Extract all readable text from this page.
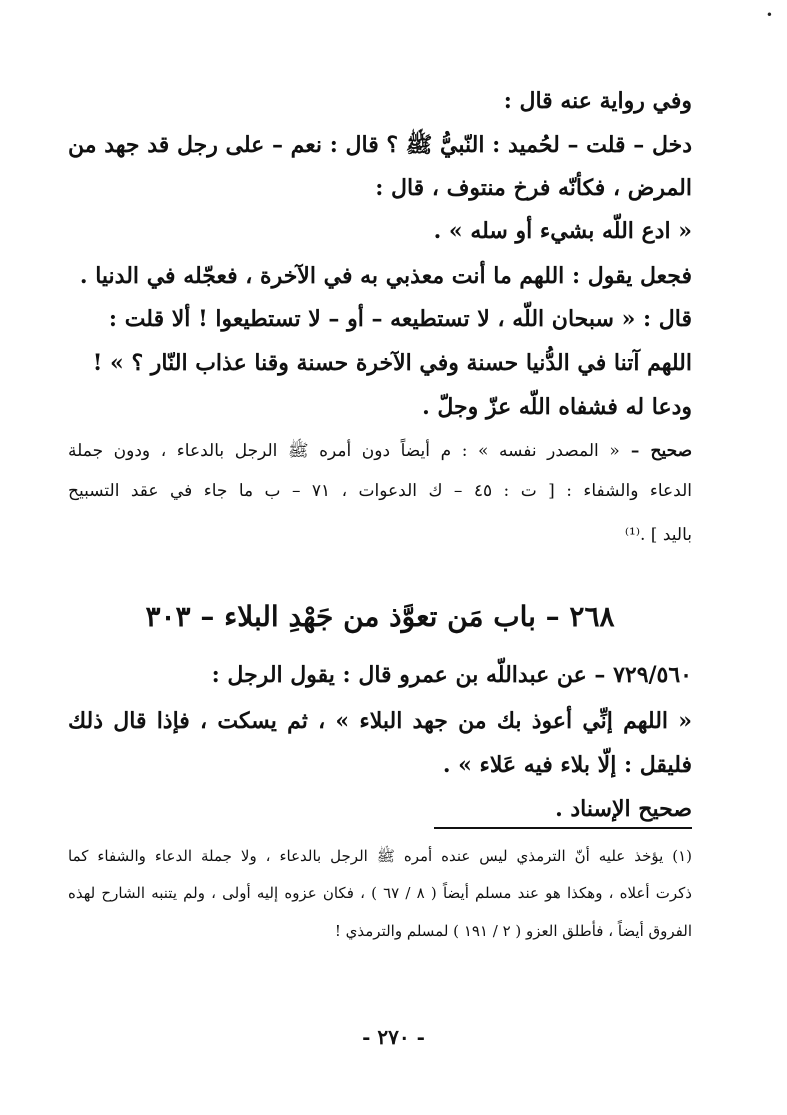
•
وفي رواية عنه قال :
دخل – قلت – لحُميد : النّبيُّ ﷺ ؟ قال : نعم – على رجل قد جهد من
المرض ، فكأنّه فرخ منتوف ، قال :
« ادع اللّه بشيء أو سله » .
فجعل يقول : اللهم ما أنت معذبي به في الآخرة ، فعجّله في الدنيا .
قال : « سبحان اللّه ، لا تستطيعه – أو – لا تستطيعوا ! ألا قلت :
اللهم آتنا في الدُّنيا حسنة وفي الآخرة حسنة وقنا عذاب النّار ؟ » !
ودعا له فشفاه اللّه عزّ وجلّ .
صحيح – « المصدر نفسه » : م أيضاً دون أمره ﷺ الرجل بالدعاء ، ودون جملة
الدعاء والشفاء : [ ت : ٤٥ – ك الدعوات ، ٧١ – ب ما جاء في عقد التسبيح
باليد ] .⁽¹⁾
٢٦٨ – باب مَن تعوَّذ من جَهْدِ البلاء – ٣٠٣
٧٢٩/٥٦٠ – عن عبداللّه بن عمرو قال : يقول الرجل :
« اللهم إنِّي أعوذ بك من جهد البلاء » ، ثم يسكت ، فإذا قال ذلك
فليقل : إلّا بلاء فيه عَلاء » .
صحيح الإسناد .
(١) يؤخذ عليه أنّ الترمذي ليس عنده أمره ﷺ الرجل بالدعاء ، ولا جملة الدعاء والشفاء كما
ذكرت أعلاه ، وهكذا هو عند مسلم أيضاً ( ٨ / ٦٧ ) ، فكان عزوه إليه أولى ، ولم يتنبه الشارح لهذه
الفروق أيضاً ، فأطلق العزو ( ٢ / ١٩١ ) لمسلم والترمذي !
- ٢٧٠ -
